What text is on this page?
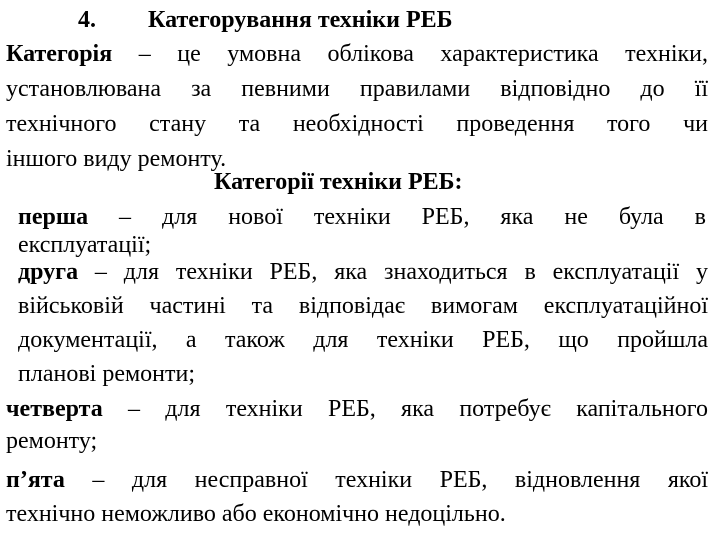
4. Категорування техніки РЕБ
Категорія – це умовна облікова характеристика техніки,
установлювана за певними правилами відповідно до її
технічного стану та необхідності проведення того чи
іншого виду ремонту.
Категорії техніки РЕБ:
перша – для нової техніки РЕБ, яка не була в
експлуатації;
друга – для техніки РЕБ, яка знаходиться в експлуатації у
військовій частині та відповідає вимогам експлуатаційної
документації, а також для техніки РЕБ, що пройшла
планові ремонти;
четверта – для техніки РЕБ, яка потребує капітального
ремонту;
п’ята – для несправної техніки РЕБ, відновлення якої
технічно неможливо або економічно недоцільно.
